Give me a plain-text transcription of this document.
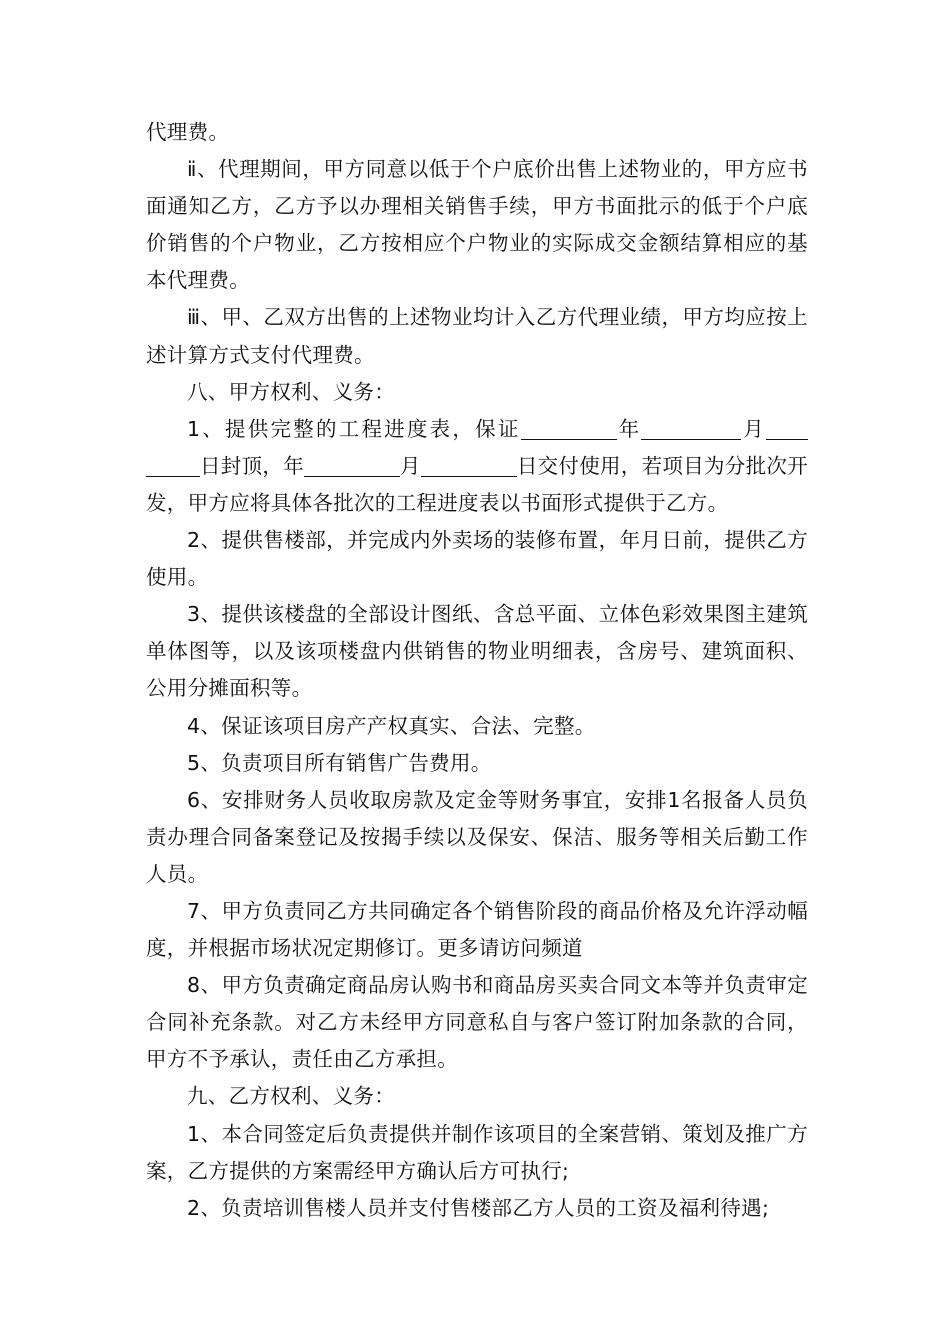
代理费。

ⅱ、代理期间，甲方同意以低于个户底价出售上述物业的，甲方应书面通知乙方，乙方予以办理相关销售手续，甲方书面批示的低于个户底价销售的个户物业，乙方按相应个户物业的实际成交金额结算相应的基本代理费。

ⅲ、甲、乙双方出售的上述物业均计入乙方代理业绩，甲方均应按上述计算方式支付代理费。

八、甲方权利、义务：

1、提供完整的工程进度表，保证	年	月日封顶，年	月	日交付使用，若项目为分批次开发，甲方应将具体各批次的工程进度表以书面形式提供于乙方。

2、提供售楼部，并完成内外卖场的装修布置，年月日前，提供乙方使用。

3、提供该楼盘的全部设计图纸、含总平面、立体色彩效果图主建筑单体图等，以及该项楼盘内供销售的物业明细表，含房号、建筑面积、公用分摊面积等。

4、保证该项目房产产权真实、合法、完整。

5、负责项目所有销售广告费用。

6、安排财务人员收取房款及定金等财务事宜，安排1名报备人员负责办理合同备案登记及按揭手续以及保安、保洁、服务等相关后勤工作人员。

7、甲方负责同乙方共同确定各个销售阶段的商品价格及允许浮动幅度，并根据市场状况定期修订。更多请访问频道

8、甲方负责确定商品房认购书和商品房买卖合同文本等并负责审定合同补充条款。对乙方未经甲方同意私自与客户签订附加条款的合同，甲方不予承认，责任由乙方承担。

九、乙方权利、义务：

1、本合同签定后负责提供并制作该项目的全案营销、策划及推广方案，乙方提供的方案需经甲方确认后方可执行;

2、负责培训售楼人员并支付售楼部乙方人员的工资及福利待遇;
